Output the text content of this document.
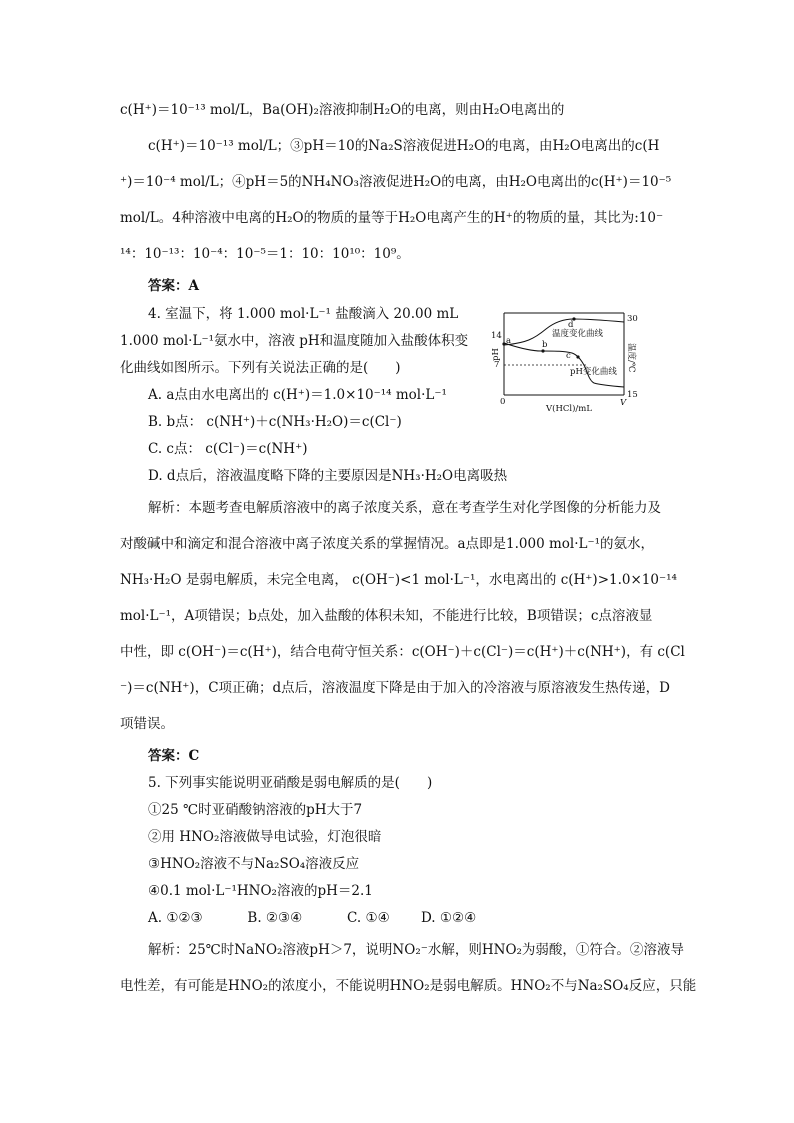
c(H⁺)＝10⁻¹³ mol/L，Ba(OH)₂溶液抑制H₂O的电离，则由H₂O电离出的
c(H⁺)＝10⁻¹³ mol/L；③pH＝10的Na₂S溶液促进H₂O的电离，由H₂O电离出的c(H
⁺)＝10⁻⁴ mol/L；④pH＝5的NH₄NO₃溶液促进H₂O的电离，由H₂O电离出的c(H⁺)＝10⁻⁵
mol/L。4种溶液中电离的H₂O的物质的量等于H₂O电离产生的H⁺的物质的量，其比为:10⁻
¹⁴：10⁻¹³：10⁻⁴：10⁻⁵＝1：10：10¹⁰：10⁹。
答案：A
4. 室温下，将 1.000 mol·L⁻¹ 盐酸滴入 20.00 mL
1.000 mol·L⁻¹氨水中，溶液 pH和温度随加入盐酸体积变
化曲线如图所示。下列有关说法正确的是(　　)
A. a点由水电离出的 c(H⁺)＝1.0×10⁻¹⁴ mol·L⁻¹
B. b点： c(NH⁺)＋c(NH₃·H₂O)＝c(Cl⁻)
C. c点： c(Cl⁻)＝c(NH⁺)
D. d点后，溶液温度略下降的主要原因是NH₃·H₂O电离吸热
a	b
c
d
温度变化曲线
pH变化曲线
14
7
0
30
15
V
V(HCl)/mL
pH	温度/℃
解析：本题考查电解质溶液中的离子浓度关系，意在考查学生对化学图像的分析能力及
对酸碱中和滴定和混合溶液中离子浓度关系的掌握情况。a点即是1.000 mol·L⁻¹的氨水，
NH₃·H₂O 是弱电解质，未完全电离， c(OH⁻)<1 mol·L⁻¹，水电离出的 c(H⁺)>1.0×10⁻¹⁴
mol·L⁻¹，A项错误；b点处，加入盐酸的体积未知，不能进行比较，B项错误；c点溶液显
中性，即 c(OH⁻)＝c(H⁺)，结合电荷守恒关系：c(OH⁻)＋c(Cl⁻)＝c(H⁺)＋c(NH⁺)，有 c(Cl
⁻)＝c(NH⁺)，C项正确；d点后，溶液温度下降是由于加入的冷溶液与原溶液发生热传递，D
项错误。
答案：C
5. 下列事实能说明亚硝酸是弱电解质的是(　　)
①25 ℃时亚硝酸钠溶液的pH大于7
②用 HNO₂溶液做导电试验，灯泡很暗
③HNO₂溶液不与Na₂SO₄溶液反应
④0.1 mol·L⁻¹HNO₂溶液的pH＝2.1
A. ①②③　　　 B. ②③④　　　 C. ①④　　 D. ①②④
解析：25℃时NaNO₂溶液pH＞7，说明NO₂⁻水解，则HNO₂为弱酸，①符合。②溶液导
电性差，有可能是HNO₂的浓度小，不能说明HNO₂是弱电解质。HNO₂不与Na₂SO₄反应，只能
